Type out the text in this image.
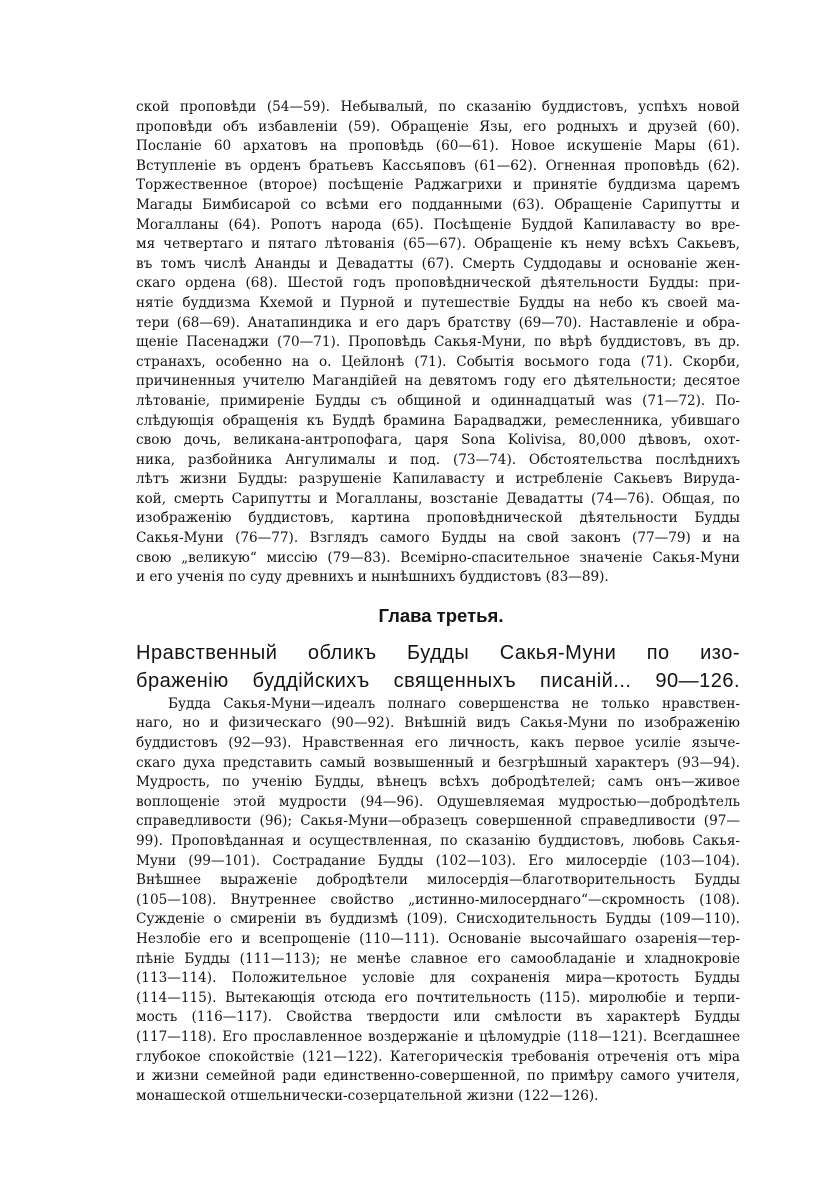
ской проповѣди (54—59). Небывалый, по сказанію буддистовъ, успѣхъ новой
проповѣди объ избавленіи (59). Обращеніе Язы, его родныхъ и друзей (60).
Посланіе 60 архатовъ на проповѣдь (60—61). Новое искушеніе Мары (61).
Вступленіе въ орденъ братьевъ Кассьяповъ (61—62). Огненная проповѣдь (62).
Торжественное (второе) посѣщеніе Раджагрихи и принятіе буддизма царемъ
Магады Бимбисарой со всѣми его подданными (63). Обращеніе Сарипутты и
Могалланы (64). Ропотъ народа (65). Посѣщеніе Буддой Капилавасту во вре-
мя четвертаго и пятаго лѣтованія (65—67). Обращеніе къ нему всѣхъ Сакьевъ,
въ томъ числѣ Ананды и Девадатты (67). Смерть Суддодавы и основаніе жен-
скаго ордена (68). Шестой годъ проповѣднической дѣятельности Будды: при-
нятіе буддизма Кхемой и Пурной и путешествіе Будды на небо къ своей ма-
тери (68—69). Анатапиндика и его даръ братству (69—70). Наставленіе и обра-
щеніе Пасенаджи (70—71). Проповѣдь Сакья-Муни, по вѣрѣ буддистовъ, въ др.
странахъ, особенно на о. Цейлонѣ (71). Событія восьмого года (71). Скорби,
причиненныя учителю Магандійей на девятомъ году его дѣятельности; десятое
лѣтованіе, примиреніе Будды съ общиной и одиннадцатый was (71—72). По-
слѣдующія обращенія къ Буддѣ брамина Барадваджи, ремесленника, убившаго
свою дочь, великана-антропофага, царя Sona Kolivisa, 80,000 дѣвовъ, охот-
ника, разбойника Ангулималы и под. (73—74). Обстоятельства послѣднихъ
лѣтъ жизни Будды: разрушеніе Капилавасту и истребленіе Сакьевъ Вируда-
кой, смерть Сарипутты и Могалланы, возстаніе Девадатты (74—76). Общая, по
изображенію буддистовъ, картина проповѣднической дѣятельности Будды
Сакья-Муни (76—77). Взглядъ самого Будды на свой законъ (77—79) и на
свою „великую“ миссію (79—83). Всемірно-спасительное значеніе Сакья-Муни
и его ученія по суду древнихъ и нынѣшнихъ буддистовъ (83—89).
Глава третья.
Нравственный обликъ Будды Сакья-Муни по изо-
браженію буддійскихъ священныхъ писаній... 90—126.
Будда Сакья-Муни—идеалъ полнаго совершенства не только нравствен-
наго, но и физическаго (90—92). Внѣшній видъ Сакья-Муни по изображенію
буддистовъ (92—93). Нравственная его личность, какъ первое усиліе языче-
скаго духа представить самый возвышенный и безгрѣшный характеръ (93—94).
Мудрость, по ученію Будды, вѣнецъ всѣхъ добродѣтелей; самъ онъ—живое
воплощеніе этой мудрости (94—96). Одушевляемая мудростью—добродѣтель
справедливости (96); Сакья-Муни—образецъ совершенной справедливости (97—
99). Проповѣданная и осуществленная, по сказанію буддистовъ, любовь Сакья-
Муни (99—101). Сострадание Будды (102—103). Его милосердіе (103—104).
Внѣшнее выраженіе добродѣтели милосердія—благотворительность Будды
(105—108). Внутреннее свойство „истинно-милосерднаго“—скромность (108).
Сужденіе о смиреніи въ буддизмѣ (109). Снисходительность Будды (109—110).
Незлобіе его и всепрощеніе (110—111). Основаніе высочайшаго озаренія—тер-
пѣніе Будды (111—113); не менѣе славное его самообладаніе и хладнокровіе
(113—114). Положительное условіе для сохраненія мира—кротость Будды
(114—115). Вытекающія отсюда его почтительность (115). миролюбіе и терпи-
мость (116—117). Свойства твердости или смѣлости въ характерѣ Будды
(117—118). Его прославленное воздержаніе и цѣломудріе (118—121). Всегдашнее
глубокое спокойствіе (121—122). Категорическія требованія отреченія отъ міра
и жизни семейной ради единственно-совершенной, по примѣру самого учителя,
монашеской отшельнически-созерцательной жизни (122—126).
